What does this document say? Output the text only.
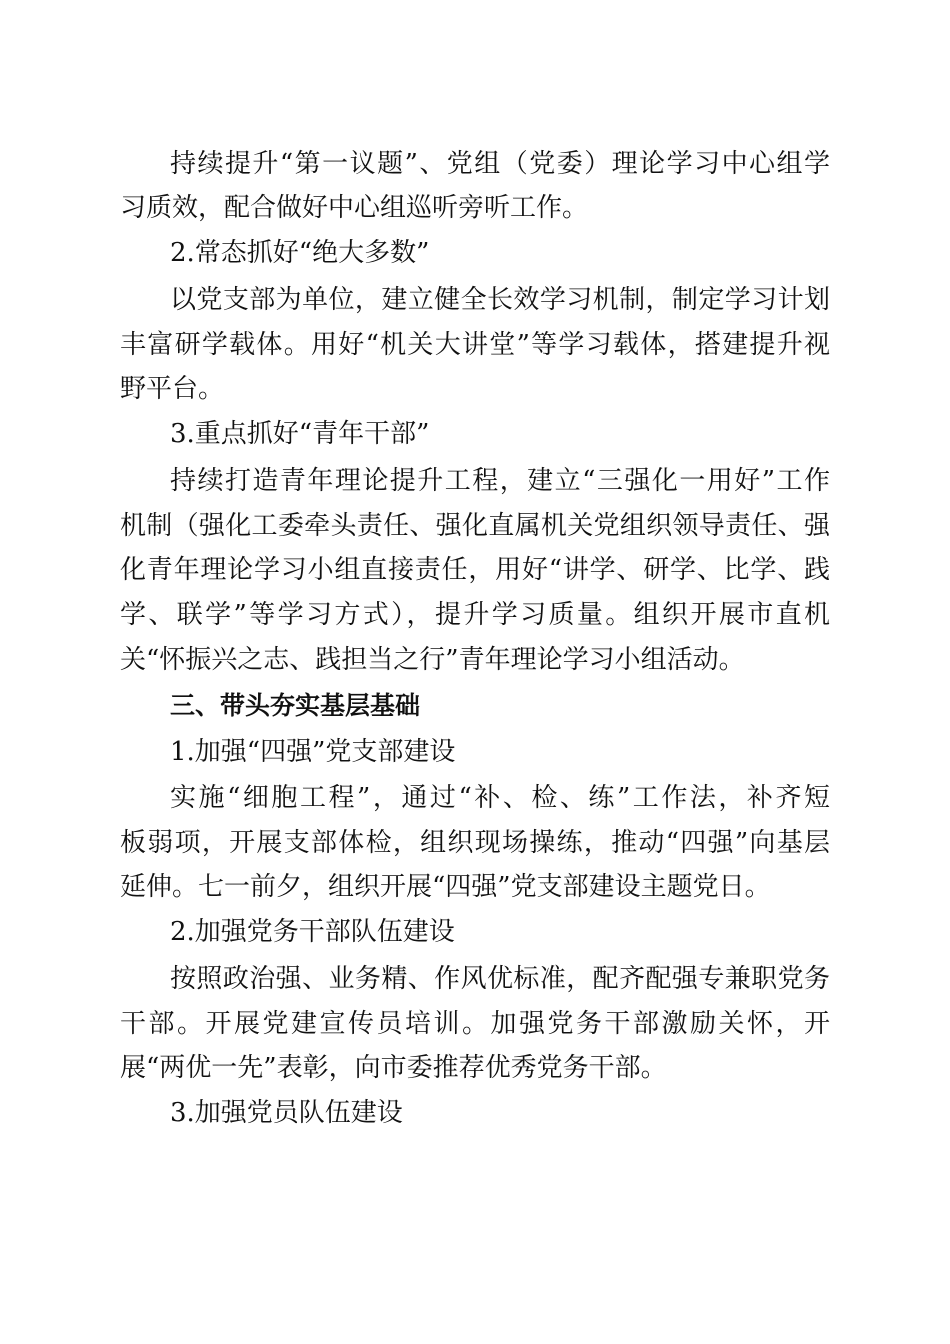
持续提升“第一议题”、党组（党委）理论学习中心组学
习质效，配合做好中心组巡听旁听工作。
2.常态抓好“绝大多数”
以党支部为单位，建立健全长效学习机制，制定学习计划
丰富研学载体。用好“机关大讲堂”等学习载体，搭建提升视
野平台。
3.重点抓好“青年干部”
持续打造青年理论提升工程，建立“三强化一用好”工作
机制（强化工委牵头责任、强化直属机关党组织领导责任、强
化青年理论学习小组直接责任，用好“讲学、研学、比学、践
学、联学”等学习方式），提升学习质量。组织开展市直机
关“怀振兴之志、践担当之行”青年理论学习小组活动。
三、带头夯实基层基础
1.加强“四强”党支部建设
实施“细胞工程”，通过“补、检、练”工作法，补齐短
板弱项，开展支部体检，组织现场操练，推动“四强”向基层
延伸。七一前夕，组织开展“四强”党支部建设主题党日。
2.加强党务干部队伍建设
按照政治强、业务精、作风优标准，配齐配强专兼职党务
干部。开展党建宣传员培训。加强党务干部激励关怀，开
展“两优一先”表彰，向市委推荐优秀党务干部。
3.加强党员队伍建设
